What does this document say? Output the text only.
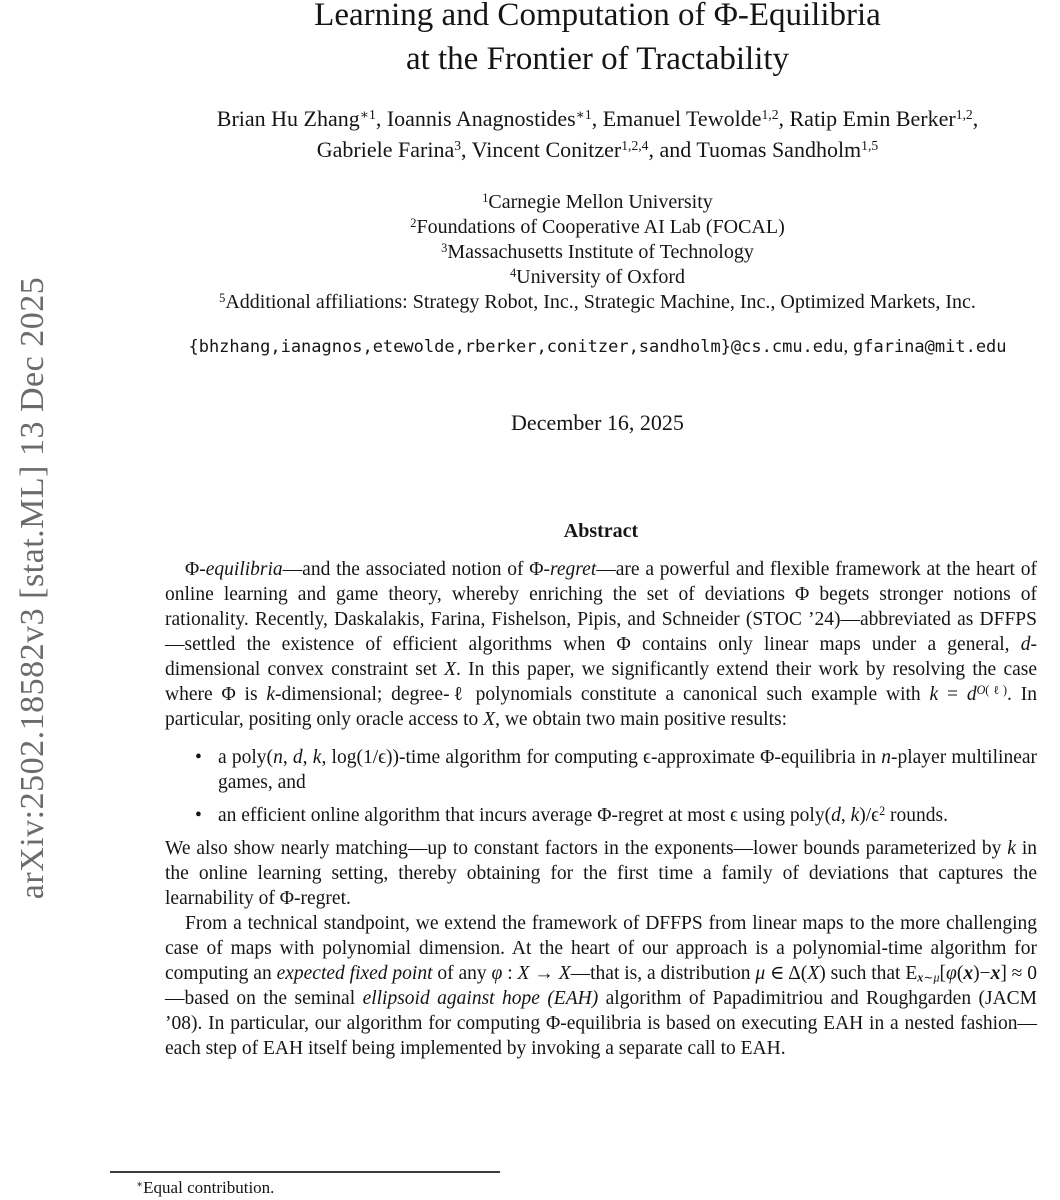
arXiv:2502.18582v3 [stat.ML] 13 Dec 2025
Learning and Computation of Φ-Equilibria
at the Frontier of Tractability
Brian Hu Zhang$^{∗1}$, Ioannis Anagnostides$^{∗1}$, Emanuel Tewolde$^{1,2}$, Ratip Emin Berker$^{1,2}$,
Gabriele Farina$^3$, Vincent Conitzer$^{1,2,4}$, and Tuomas Sandholm$^{1,5}$
$^1$Carnegie Mellon University
$^2$Foundations of Cooperative AI Lab (FOCAL)
$^3$Massachusetts Institute of Technology
$^4$University of Oxford
$^5$Additional affiliations: Strategy Robot, Inc., Strategic Machine, Inc., Optimized Markets, Inc.
{bhzhang,ianagnos,etewolde,rberker,conitzer,sandholm}@cs.cmu.edu, gfarina@mit.edu
December 16, 2025
Abstract

Φ-equilibria—and the associated notion of Φ-regret—are a powerful and flexible framework at the heart of online learning and game theory, whereby enriching the set of deviations Φ begets stronger notions of rationality. Recently, Daskalakis, Farina, Fishelson, Pipis, and Schneider (STOC ’24)—abbreviated as DFFPS—settled the existence of efficient algorithms when Φ contains only linear maps under a general, d-dimensional convex constraint set X. In this paper, we significantly extend their work by resolving the case where Φ is k-dimensional; degree-ℓ polynomials constitute a canonical such example with $k = d^{O(\ell)}$. In particular, positing only oracle access to X, we obtain two main positive results:

• a poly(n, d, k, log(1/ϵ))-time algorithm for computing ϵ-approximate Φ-equilibria in n-player multilinear games, and
• an efficient online algorithm that incurs average Φ-regret at most ϵ using poly(d, $k)/\epsilon^2$ rounds.

We also show nearly matching—up to constant factors in the exponents—lower bounds parameterized by k in the online learning setting, thereby obtaining for the first time a family of deviations that captures the learnability of Φ-regret.

From a technical standpoint, we extend the framework of DFFPS from linear maps to the more challenging case of maps with polynomial dimension. At the heart of our approach is a polynomial-time algorithm for computing an expected fixed point of any φ : X → X—that is, a distribution μ ∈ Δ(X) such that $E_{x\sim\mu}[\varphi(x)-x]$ ≈ 0—based on the seminal ellipsoid against hope (EAH) algorithm of Papadimitriou and Roughgarden (JACM ’08). In particular, our algorithm for computing Φ-equilibria is based on executing EAH in a nested fashion—each step of EAH itself being implemented by invoking a separate call to EAH.

∗Equal contribution.
